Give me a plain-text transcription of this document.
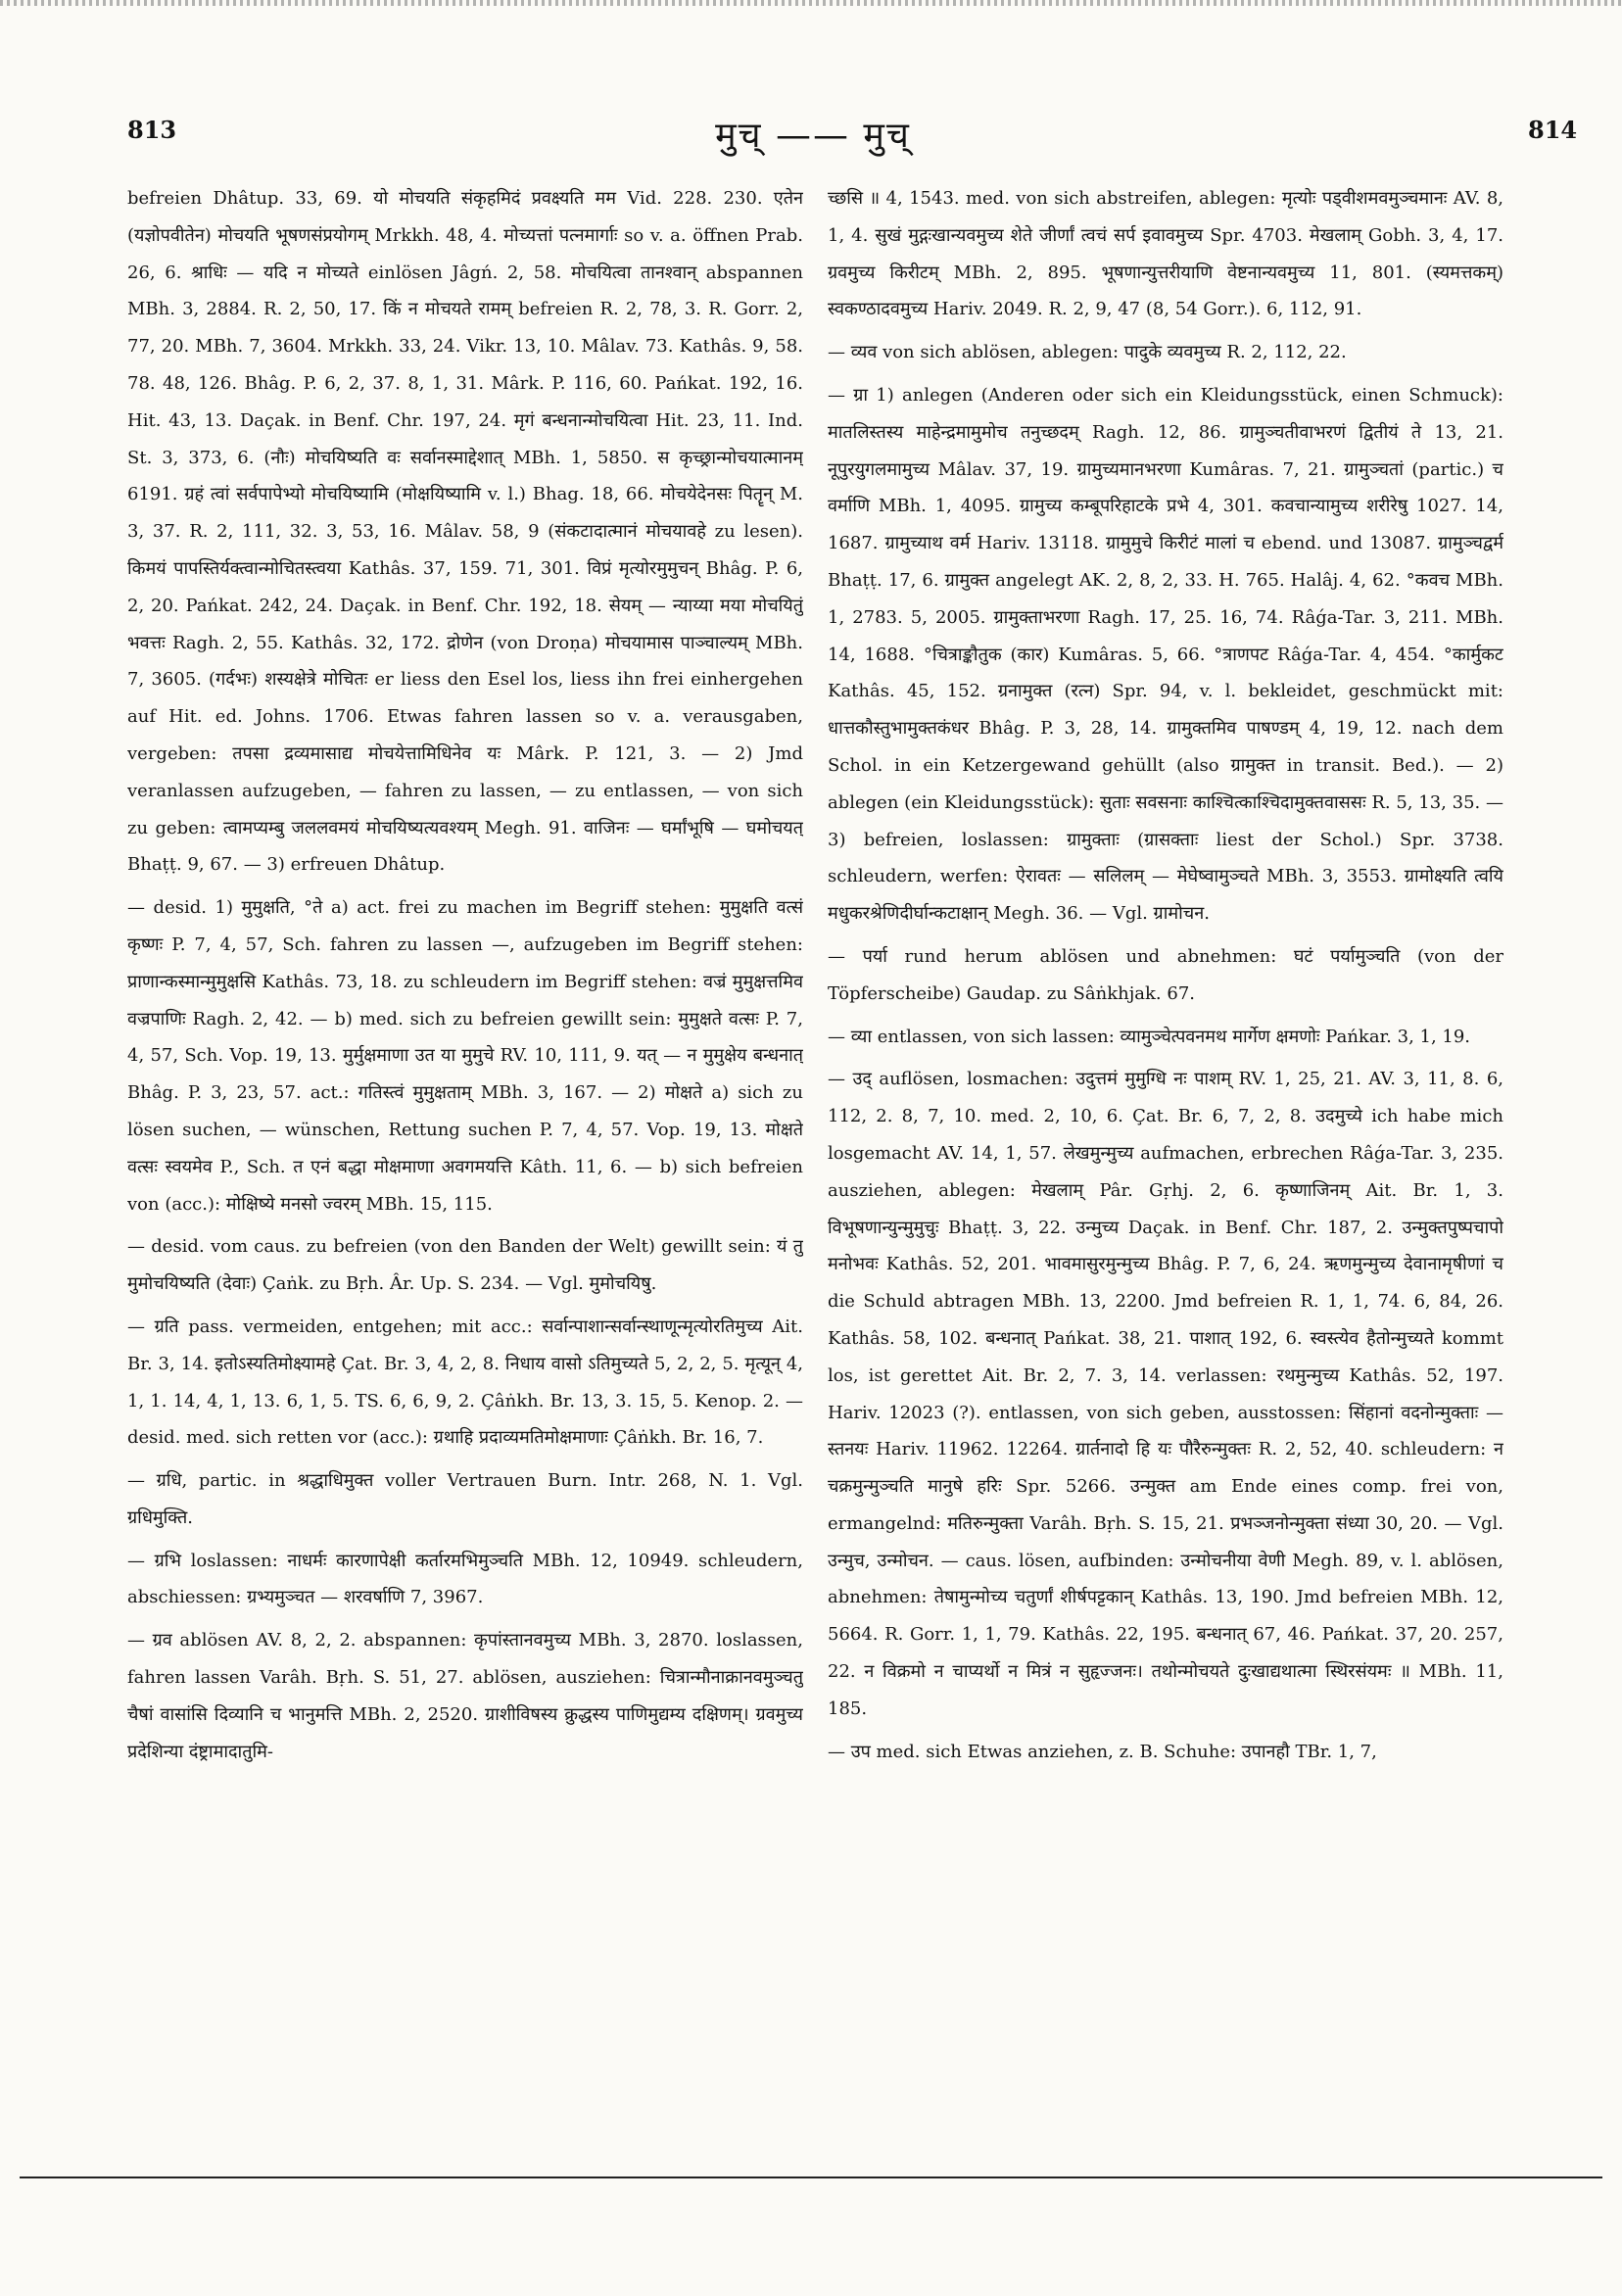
813	मुच् —— मुच्	814

befreien Dhâtup. 33, 69. यो मोचयति संकृहमिदं प्रवक्ष्यति मम Vid. 228. 230. एतेन (यज्ञोपवीतेन) मोचयति भूषणसंप्रयोगम् Mrkkh. 48, 4. मोच्यत्तां पत्नमार्गाः so v. a. öffnen Prab. 26, 6. श्राधिः — यदि न मोच्यते einlösen Jâgń. 2, 58. मोचयित्वा तानश्वान् abspannen MBh. 3, 2884. R. 2, 50, 17. किं न मोचयते रामम् befreien R. 2, 78, 3. R. Gorr. 2, 77, 20. MBh. 7, 3604. Mrkkh. 33, 24. Vikr. 13, 10. Mâlav. 73. Kathâs. 9, 58. 78. 48, 126. Bhâg. P. 6, 2, 37. 8, 1, 31. Mârk. P. 116, 60. Pańkat. 192, 16. Hit. 43, 13. Daçak. in Benf. Chr. 197, 24. मृगं बन्धनान्मोचयित्वा Hit. 23, 11. Ind. St. 3, 373, 6. (नौः) मोचयिष्यति वः सर्वानस्माद्देशात् MBh. 1, 5850. स कृच्छ्रान्मोचयात्मानम् 6191. ग्रहं त्वां सर्वपापेभ्यो मोचयिष्यामि (मोक्षयिष्यामि v. l.) Bhag. 18, 66. मोचयेदेनसः पितॄन् M. 3, 37. R. 2, 111, 32. 3, 53, 16. Mâlav. 58, 9 (संकटादात्मानं मोचयावहे zu lesen). किमयं पापस्तिर्यक्त्वान्मोचितस्त्वया Kathâs. 37, 159. 71, 301. विप्रं मृत्योरमुमुचन् Bhâg. P. 6, 2, 20. Pańkat. 242, 24. Daçak. in Benf. Chr. 192, 18. सेयम् — न्याय्या मया मोचयितुं भवत्तः Ragh. 2, 55. Kathâs. 32, 172. द्रोणेन (von Droṇa) मोचयामास पाञ्चाल्यम् MBh. 7, 3605. (गर्दभः) शस्यक्षेत्रे मोचितः er liess den Esel los, liess ihn frei einhergehen auf Hit. ed. Johns. 1706. Etwas fahren lassen so v. a. verausgaben, vergeben: तपसा द्रव्यमासाद्य मोचयेत्तामिधिनेव यः Mârk. P. 121, 3. — 2) Jmd veranlassen aufzugeben, — fahren zu lassen, — zu entlassen, — von sich zu geben: त्वामप्यम्बु जललवमयं मोचयिष्यत्यवश्यम् Megh. 91. वाजिनः — घर्मांभूषि — घमोचयत् Bhaṭṭ. 9, 67. — 3) erfreuen Dhâtup.

— desid. 1) मुमुक्षति, °ते a) act. frei zu machen im Begriff stehen: मुमुक्षति वत्सं कृष्णः P. 7, 4, 57, Sch. fahren zu lassen —, aufzugeben im Begriff stehen: प्राणान्कस्मान्मुमुक्षसि Kathâs. 73, 18. zu schleudern im Begriff stehen: वज्रं मुमुक्षत्तमिव वज्रपाणिः Ragh. 2, 42. — b) med. sich zu befreien gewillt sein: मुमुक्षते वत्सः P. 7, 4, 57, Sch. Vop. 19, 13. मुर्मुक्षमाणा उत या मुमुचे RV. 10, 111, 9. यत् — न मुमुक्षेय बन्धनात् Bhâg. P. 3, 23, 57. act.: गतिस्त्वं मुमुक्षताम् MBh. 3, 167. — 2) मोक्षते a) sich zu lösen suchen, — wünschen, Rettung suchen P. 7, 4, 57. Vop. 19, 13. मोक्षते वत्सः स्वयमेव P., Sch. त एनं बद्धा मोक्षमाणा अवगमयत्ति Kâth. 11, 6. — b) sich befreien von (acc.): मोक्षिष्ये मनसो ज्वरम् MBh. 15, 115.

— desid. vom caus. zu befreien (von den Banden der Welt) gewillt sein: यं तु मुमोचयिष्यति (देवाः) Çaṅk. zu Bṛh. Âr. Up. S. 234. — Vgl. मुमोचयिषु.

— ग्रति pass. vermeiden, entgehen; mit acc.: सर्वान्पाशान्सर्वान्स्थाणून्मृत्योरतिमुच्य Ait. Br. 3, 14. इतोऽस्यतिमोक्ष्यामहे Çat. Br. 3, 4, 2, 8. निधाय वासो ऽतिमुच्यते 5, 2, 2, 5. मृत्यून् 4, 1, 1. 14, 4, 1, 13. 6, 1, 5. TS. 6, 6, 9, 2. Çâṅkh. Br. 13, 3. 15, 5. Kenop. 2. — desid. med. sich retten vor (acc.): ग्रथाहि प्रदाव्यमतिमोक्षमाणाः Çâṅkh. Br. 16, 7.

— ग्रधि, partic. in श्रद्धाधिमुक्त voller Vertrauen Burn. Intr. 268, N. 1. Vgl. ग्रधिमुक्ति.

— ग्रभि loslassen: नाधर्मः कारणापेक्षी कर्तारमभिमुञ्चति MBh. 12, 10949. schleudern, abschiessen: ग्रभ्यमुञ्चत — शरवर्षाणि 7, 3967.

— ग्रव ablösen AV. 8, 2, 2. abspannen: कृपांस्तानवमुच्य MBh. 3, 2870. loslassen, fahren lassen Varâh. Bṛh. S. 51, 27. ablösen, ausziehen: चित्रान्मौनाक्रानवमुञ्चतु चैषां वासांसि दिव्यानि च भानुमत्ति MBh. 2, 2520. ग्राशीविषस्य क्रुद्धस्य पाणिमुद्यम्य दक्षिणम्। ग्रवमुच्य प्रदेशिन्या दंष्ट्रामादातुमि-

च्छसि ॥ 4, 1543. med. von sich abstreifen, ablegen: मृत्योः पड्वीशमवमुञ्चमानः AV. 8, 1, 4. सुखं मुद्गःखान्यवमुच्य शेते जीर्णां त्वचं सर्प इवावमुच्य Spr. 4703. मेखलाम् Gobh. 3, 4, 17. ग्रवमुच्य किरीटम् MBh. 2, 895. भूषणान्युत्तरीयाणि वेष्टनान्यवमुच्य 11, 801. (स्यमत्तकम्) स्वकण्ठादवमुच्य Hariv. 2049. R. 2, 9, 47 (8, 54 Gorr.). 6, 112, 91.

— व्यव von sich ablösen, ablegen: पादुके व्यवमुच्य R. 2, 112, 22.

— ग्रा 1) anlegen (Anderen oder sich ein Kleidungsstück, einen Schmuck): मातलिस्तस्य माहेन्द्रमामुमोच तनुच्छदम् Ragh. 12, 86. ग्रामुञ्चतीवाभरणं द्वितीयं ते 13, 21. नूपुरयुगलमामुच्य Mâlav. 37, 19. ग्रामुच्यमानभरणा Kumâras. 7, 21. ग्रामुञ्चतां (partic.) च वर्माणि MBh. 1, 4095. ग्रामुच्य कम्बूपरिहाटके प्रभे 4, 301. कवचान्यामुच्य शरीरेषु 1027. 14, 1687. ग्रामुच्याथ वर्म Hariv. 13118. ग्रामुमुचे किरीटं मालां च ebend. und 13087. ग्रामुञ्चद्वर्म Bhaṭṭ. 17, 6. ग्रामुक्त angelegt AK. 2, 8, 2, 33. H. 765. Halâj. 4, 62. °कवच MBh. 1, 2783. 5, 2005. ग्रामुक्ताभरणा Ragh. 17, 25. 16, 74. Râǵa-Tar. 3, 211. MBh. 14, 1688. °चित्राङ्कौतुक (कार) Kumâras. 5, 66. °त्राणपट Râǵa-Tar. 4, 454. °कार्मुकट Kathâs. 45, 152. ग्रनामुक्त (रत्न) Spr. 94, v. l. bekleidet, geschmückt mit: धात्तकौस्तुभामुक्तकंधर Bhâg. P. 3, 28, 14. ग्रामुक्तमिव पाषण्डम् 4, 19, 12. nach dem Schol. in ein Ketzergewand gehüllt (also ग्रामुक्त in transit. Bed.). — 2) ablegen (ein Kleidungsstück): सुताः सवसनाः काश्चित्काश्चिदामुक्तवाससः R. 5, 13, 35. — 3) befreien, loslassen: ग्रामुक्ताः (ग्रासक्ताः liest der Schol.) Spr. 3738. schleudern, werfen: ऐरावतः — सलिलम् — मेघेष्वामुञ्चते MBh. 3, 3553. ग्रामोक्ष्यति त्वयि मधुकरश्रेणिदीर्घान्कटाक्षान् Megh. 36. — Vgl. ग्रामोचन.

— पर्या rund herum ablösen und abnehmen: घटं पर्यामुञ्चति (von der Töpferscheibe) Gaudap. zu Sâṅkhjak. 67.

— व्या entlassen, von sich lassen: व्यामुञ्चेत्पवनमथ मार्गेण क्षमणोः Pańkar. 3, 1, 19.

— उद् auflösen, losmachen: उदुत्तमं मुमुग्धि नः पाशम् RV. 1, 25, 21. AV. 3, 11, 8. 6, 112, 2. 8, 7, 10. med. 2, 10, 6. Çat. Br. 6, 7, 2, 8. उदमुच्ये ich habe mich losgemacht AV. 14, 1, 57. लेखमुन्मुच्य aufmachen, erbrechen Râǵa-Tar. 3, 235. ausziehen, ablegen: मेखलाम् Pâr. Gṛhj. 2, 6. कृष्णाजिनम् Ait. Br. 1, 3. विभूषणान्युन्मुमुचुः Bhaṭṭ. 3, 22. उन्मुच्य Daçak. in Benf. Chr. 187, 2. उन्मुक्तपुष्पचापो मनोभवः Kathâs. 52, 201. भावमासुरमुन्मुच्य Bhâg. P. 7, 6, 24. ऋणमुन्मुच्य देवानामृषीणां च die Schuld abtragen MBh. 13, 2200. Jmd befreien R. 1, 1, 74. 6, 84, 26. Kathâs. 58, 102. बन्धनात् Pańkat. 38, 21. पाशात् 192, 6. स्वस्त्येव हैतोन्मुच्यते kommt los, ist gerettet Ait. Br. 2, 7. 3, 14. verlassen: रथमुन्मुच्य Kathâs. 52, 197. Hariv. 12023 (?). entlassen, von sich geben, ausstossen: सिंहानां वदनोन्मुक्ताः — स्तनयः Hariv. 11962. 12264. ग्रार्तनादो हि यः पौरैरुन्मुक्तः R. 2, 52, 40. schleudern: न चक्रमुन्मुञ्चति मानुषे हरिः Spr. 5266. उन्मुक्त am Ende eines comp. frei von, ermangelnd: मतिरुन्मुक्ता Varâh. Bṛh. S. 15, 21. प्रभञ्जनोन्मुक्ता संध्या 30, 20. — Vgl. उन्मुच, उन्मोचन. — caus. lösen, aufbinden: उन्मोचनीया वेणी Megh. 89, v. l. ablösen, abnehmen: तेषामुन्मोच्य चतुर्णां शीर्षपट्टकान् Kathâs. 13, 190. Jmd befreien MBh. 12, 5664. R. Gorr. 1, 1, 79. Kathâs. 22, 195. बन्धनात् 67, 46. Pańkat. 37, 20. 257, 22. न विक्रमो न चाप्यर्थो न मित्रं न सुहृज्जनः। तथोन्मोचयते दुःखाद्यथात्मा स्थिरसंयमः ॥ MBh. 11, 185.

— उप med. sich Etwas anziehen, z. B. Schuhe: उपानहौ TBr. 1, 7,
